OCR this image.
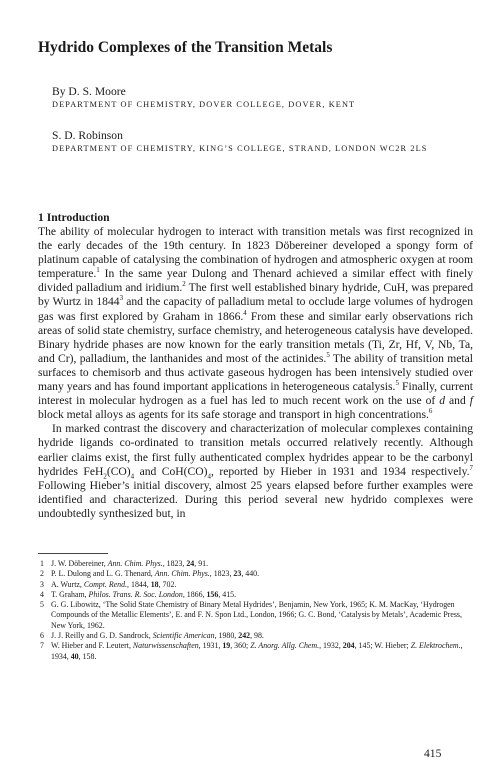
Hydrido Complexes of the Transition Metals
By D. S. Moore
DEPARTMENT OF CHEMISTRY, DOVER COLLEGE, DOVER, KENT
S. D. Robinson
DEPARTMENT OF CHEMISTRY, KING’S COLLEGE, STRAND, LONDON WC2R 2LS
1 Introduction

The ability of molecular hydrogen to interact with transition metals was first recognized in the early decades of the 19th century. In 1823 Döbereiner developed a spongy form of platinum capable of catalysing the combination of hydrogen and atmospheric oxygen at room temperature.$^1$ In the same year Dulong and Thenard achieved a similar effect with finely divided palladium and iridium.$^2$ The first well established binary hydride, CuH, was prepared by Wurtz in 1844$^3$ and the capacity of palladium metal to occlude large volumes of hydrogen gas was first explored by Graham in 1866.$^4$ From these and similar early observations rich areas of solid state chemistry, surface chemistry, and heterogeneous catalysis have developed. Binary hydride phases are now known for the early transition metals (Ti, Zr, Hf, V, Nb, Ta, and Cr), palladium, the lanthanides and most of the actinides.$^5$ The ability of transition metal surfaces to chemisorb and thus activate gaseous hydrogen has been intensively studied over many years and has found important applications in heterogeneous catalysis.$^5$ Finally, current interest in molecular hydrogen as a fuel has led to much recent work on the use of d and f block metal alloys as agents for its safe storage and transport in high concentrations.$^6$

In marked contrast the discovery and characterization of molecular complexes containing hydride ligands co-ordinated to transition metals occurred relatively recently. Although earlier claims exist, the first fully authenticated complex hydrides appear to be the carbonyl hydrides $FeH_2(CO)_4$ and $CoH(CO)_4$, reported by Hieber in 1931 and 1934 respectively.$^7$ Following Hieber’s initial discovery, almost 25 years elapsed before further examples were identified and characterized. During this period several new hydrido complexes were undoubtedly synthesized but, in

1 J. W. Döbereiner, Ann. Chim. Phys., 1823, 24, 91.
2 P. L. Dulong and L. G. Thenard, Ann. Chim. Phys., 1823, 23, 440.
3 A. Wurtz, Compt. Rend., 1844, 18, 702.
4 T. Graham, Philos. Trans. R. Soc. London, 1866, 156, 415.
5 G. G. Libowitz, ‘The Solid State Chemistry of Binary Metal Hydrides’, Benjamin, New York, 1965; K. M. MacKay, ‘Hydrogen Compounds of the Metallic Elements’, E. and F. N. Spon Ltd., London, 1966; G. C. Bond, ‘Catalysis by Metals’, Academic Press, New York, 1962.
6 J. J. Reilly and G. D. Sandrock, Scientific American, 1980, 242, 98.
7 W. Hieber and F. Leutert, Naturwissenschaften, 1931, 19, 360; Z. Anorg. Allg. Chem., 1932, 204, 145; W. Hieber; Z. Elektrochem., 1934, 40, 158.
415
